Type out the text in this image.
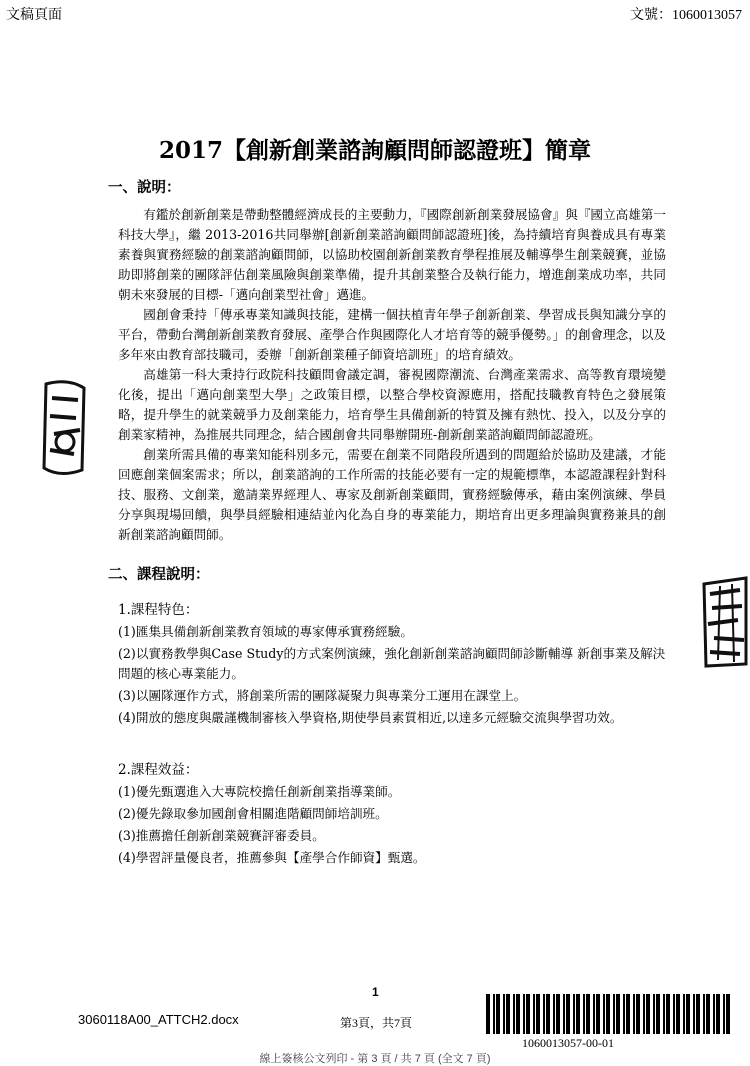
文稿頁面	文號：1060013057
2017【創新創業諮詢顧問師認證班】簡章
一、說明：

有鑑於創新創業是帶動整體經濟成長的主要動力，『國際創新創業發展協會』與『國立高雄第一科技大學』，繼 2013-2016共同舉辦[創新創業諮詢顧問師認證班]後，為持續培育與養成具有專業素養與實務經驗的創業諮詢顧問師，以協助校園創新創業教育學程推展及輔導學生創業競賽，並協助即將創業的團隊評估創業風險與創業準備，提升其創業整合及執行能力，增進創業成功率，共同朝未來發展的目標-「邁向創業型社會」邁進。

國創會秉持「傳承專業知識與技能，建構一個扶植青年學子創新創業、學習成長與知識分享的平台，帶動台灣創新創業教育發展、產學合作與國際化人才培育等的競爭優勢。」的創會理念，以及多年來由教育部技職司，委辦「創新創業種子師資培訓班」的培育績效。

高雄第一科大秉持行政院科技顧問會議定調，審視國際潮流、台灣產業需求、高等教育環境變化後，提出「邁向創業型大學」之政策目標，以整合學校資源應用，搭配技職教育特色之發展策略，提升學生的就業競爭力及創業能力，培育學生具備創新的特質及擁有熱忱、投入，以及分享的創業家精神，為推展共同理念，結合國創會共同舉辦開班-創新創業諮詢顧問師認證班。

創業所需具備的專業知能科別多元，需要在創業不同階段所遇到的問題給於協助及建議，才能回應創業個案需求；所以，創業諮詢的工作所需的技能必要有一定的規範標準，本認證課程針對科技、服務、文創業，邀請業界經理人、專家及創新創業顧問，實務經驗傳承，藉由案例演練、學員分享與現場回饋，與學員經驗相連結並內化為自身的專業能力，期培育出更多理論與實務兼具的創新創業諮詢顧問師。

二、課程說明：
1.課程特色：
(1)匯集具備創新創業教育領域的專家傳承實務經驗。
(2)以實務教學與Case Study的方式案例演練，強化創新創業諮詢顧問師診斷輔導 新創事業及解決問題的核心專業能力。
(3)以團隊運作方式，將創業所需的團隊凝聚力與專業分工運用在課堂上。
(4)開放的態度與嚴謹機制審核入學資格,期使學員素質相近,以達多元經驗交流與學習功效。
2.課程效益：
(1)優先甄選進入大專院校擔任創新創業指導業師。
(2)優先錄取參加國創會相關進階顧問師培訓班。
(3)推薦擔任創新創業競賽評審委員。
(4)學習評量優良者，推薦參與【產學合作師資】甄選。
1
3060118A00_ATTCH2.docx	第3頁，共7頁
1060013057-00-01
線上簽核公文列印 - 第 3 頁 / 共 7 頁 (全文 7 頁)
